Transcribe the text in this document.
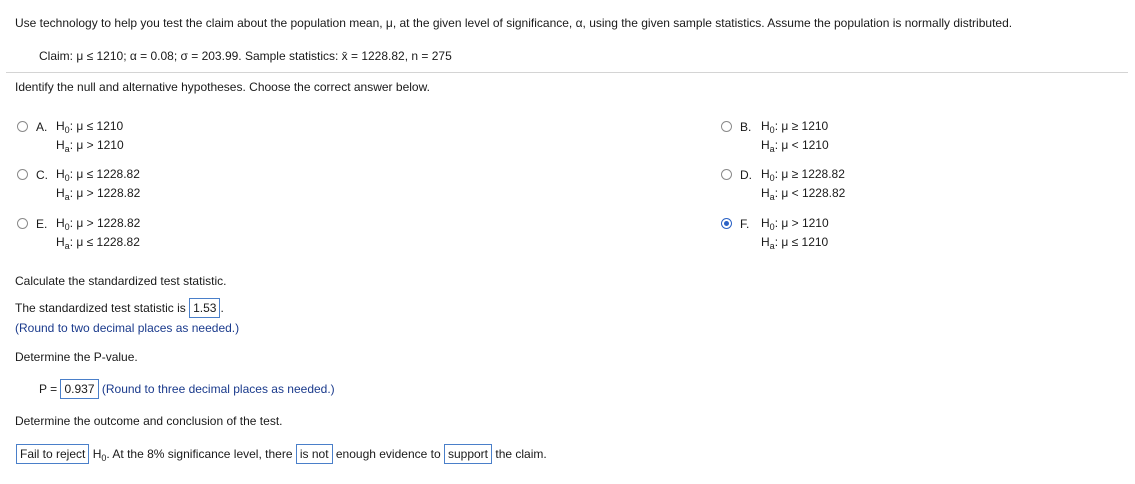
Use technology to help you test the claim about the population mean, μ, at the given level of significance, α, using the given sample statistics. Assume the population is normally distributed.
Claim: μ ≤ 1210; α = 0.08; σ = 203.99. Sample statistics: x̄ = 1228.82, n = 275
Identify the null and alternative hypotheses. Choose the correct answer below.
A. $H_0$: μ ≤ 1210
$H_a$: μ > 1210
B. $H_0$: μ ≥ 1210
$H_a$: μ < 1210
C. $H_0$: μ ≤ 1228.82
$H_a$: μ > 1228.82
D. $H_0$: μ ≥ 1228.82
$H_a$: μ < 1228.82
E. $H_0$: μ > 1228.82
$H_a$: μ ≤ 1228.82
F. $H_0$: μ > 1210
$H_a$: μ ≤ 1210
Calculate the standardized test statistic.
The standardized test statistic is 1.53 .
(Round to two decimal places as needed.)
Determine the P-value.
P = 0.937 (Round to three decimal places as needed.)
Determine the outcome and conclusion of the test.
Fail to reject $H_0$. At the 8% significance level, there is not enough evidence to support the claim.
